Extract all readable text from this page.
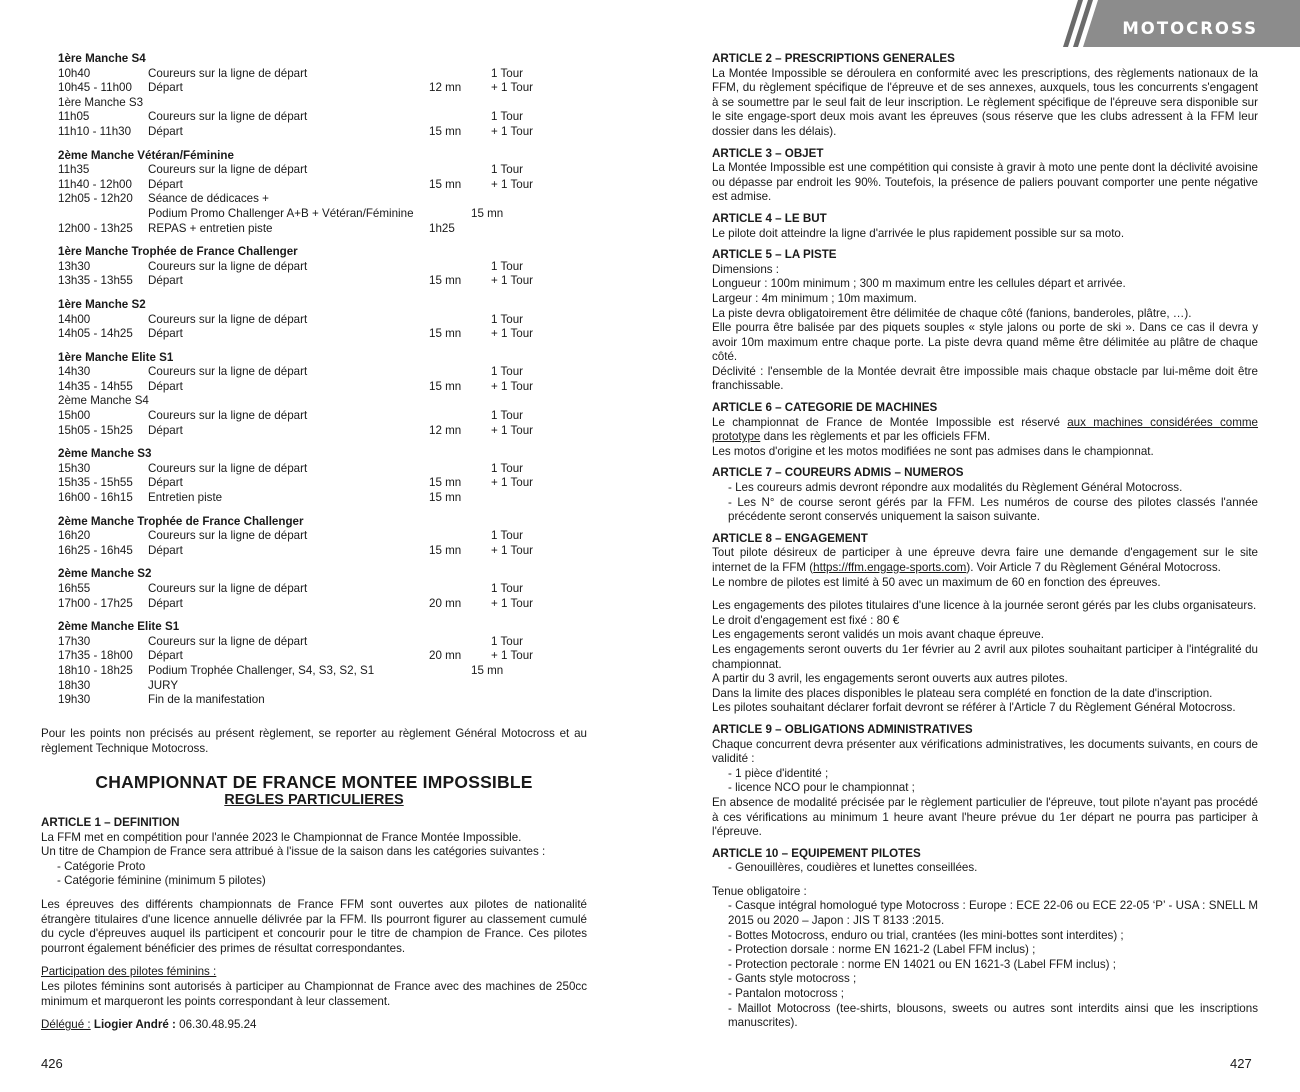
1ère Manche S4
10h40	Coureurs sur la ligne de départ	1 Tour
10h45 - 11h00 Départ	12 mn	+ 1 Tour
1ère Manche S3
11h05	Coureurs sur la ligne de départ	1 Tour
11h10 - 11h30 Départ	15 mn	+ 1 Tour
2ème Manche Vétéran/Féminine
11h35	Coureurs sur la ligne de départ	1 Tour
11h40 - 12h00 Départ	15 mn	+ 1 Tour
12h05 - 12h20 Séance de dédicaces +
Podium Promo Challenger A+B + Vétéran/Féminine	15 mn
12h00 - 13h25 REPAS + entretien piste	1h25
1ère Manche Trophée de France Challenger
13h30	Coureurs sur la ligne de départ	1 Tour
13h35 - 13h55 Départ	15 mn	+ 1 Tour
1ère Manche S2
14h00	Coureurs sur la ligne de départ	1 Tour
14h05 - 14h25 Départ	15 mn	+ 1 Tour
1ère Manche Elite S1
14h30	Coureurs sur la ligne de départ	1 Tour
14h35 - 14h55 Départ	15 mn	+ 1 Tour
2ème Manche S4
15h00	Coureurs sur la ligne de départ	1 Tour
15h05 - 15h25 Départ	12 mn	+ 1 Tour
2ème Manche S3
15h30	Coureurs sur la ligne de départ	1 Tour
15h35 - 15h55 Départ	15 mn	+ 1 Tour
16h00 - 16h15 Entretien piste	15 mn
2ème Manche Trophée de France Challenger
16h20	Coureurs sur la ligne de départ	1 Tour
16h25 - 16h45 Départ	15 mn	+ 1 Tour
2ème Manche S2
16h55	Coureurs sur la ligne de départ	1 Tour
17h00 - 17h25 Départ	20 mn	+ 1 Tour
2ème Manche Elite S1
17h30	Coureurs sur la ligne de départ	1 Tour
17h35 - 18h00 Départ	20 mn	+ 1 Tour
18h10 - 18h25 Podium Trophée Challenger, S4, S3, S2, S1	15 mn
18h30	JURY
19h30	Fin de la manifestation
Pour les points non précisés au présent règlement, se reporter au règlement Général Motocross et au règlement Technique Motocross.
CHAMPIONNAT DE FRANCE MONTEE IMPOSSIBLE
REGLES PARTICULIERES
ARTICLE 1 – DEFINITION
La FFM met en compétition pour l'année 2023 le Championnat de France Montée Impossible.
Un titre de Champion de France sera attribué à l'issue de la saison dans les catégories suivantes :
- Catégorie Proto
- Catégorie féminine (minimum 5 pilotes)
Les épreuves des différents championnats de France FFM sont ouvertes aux pilotes de nationalité étrangère titulaires d'une licence annuelle délivrée par la FFM. Ils pourront figurer au classement cumulé du cycle d'épreuves auquel ils participent et concourir pour le titre de champion de France. Ces pilotes pourront également bénéficier des primes de résultat correspondantes.
Participation des pilotes féminins :
Les pilotes féminins sont autorisés à participer au Championnat de France avec des machines de 250cc minimum et marqueront les points correspondant à leur classement.
Délégué : Liogier André : 06.30.48.95.24
426
MOTOCROSS
ARTICLE 2 – PRESCRIPTIONS GENERALES
La Montée Impossible se déroulera en conformité avec les prescriptions, des règlements nationaux de la FFM, du règlement spécifique de l'épreuve et de ses annexes, auxquels, tous les concurrents s'engagent à se soumettre par le seul fait de leur inscription. Le règlement spécifique de l'épreuve sera disponible sur le site engage-sport deux mois avant les épreuves (sous réserve que les clubs adressent à la FFM leur dossier dans les délais).
ARTICLE 3 – OBJET
La Montée Impossible est une compétition qui consiste à gravir à moto une pente dont la déclivité avoisine ou dépasse par endroit les 90%. Toutefois, la présence de paliers pouvant comporter une pente négative est admise.
ARTICLE 4 – LE BUT
Le pilote doit atteindre la ligne d'arrivée le plus rapidement possible sur sa moto.
ARTICLE 5 – LA PISTE
Dimensions :
Longueur : 100m minimum ; 300 m maximum entre les cellules départ et arrivée.
Largeur : 4m minimum ; 10m maximum.
La piste devra obligatoirement être délimitée de chaque côté (fanions, banderoles, plâtre, …).
Elle pourra être balisée par des piquets souples « style jalons ou porte de ski ». Dans ce cas il devra y avoir 10m maximum entre chaque porte. La piste devra quand même être délimitée au plâtre de chaque côté.
Déclivité : l'ensemble de la Montée devrait être impossible mais chaque obstacle par lui-même doit être franchissable.
ARTICLE 6 – CATEGORIE DE MACHINES
Le championnat de France de Montée Impossible est réservé aux machines considérées comme prototype dans les règlements et par les officiels FFM.
Les motos d'origine et les motos modifiées ne sont pas admises dans le championnat.
ARTICLE 7 – COUREURS ADMIS – NUMEROS
- Les coureurs admis devront répondre aux modalités du Règlement Général Motocross.
- Les N° de course seront gérés par la FFM. Les numéros de course des pilotes classés l'année précédente seront conservés uniquement la saison suivante.
ARTICLE 8 – ENGAGEMENT
Tout pilote désireux de participer à une épreuve devra faire une demande d'engagement sur le site internet de la FFM (https://ffm.engage-sports.com). Voir Article 7 du Règlement Général Motocross.
Le nombre de pilotes est limité à 50 avec un maximum de 60 en fonction des épreuves.
Les engagements des pilotes titulaires d'une licence à la journée seront gérés par les clubs organisateurs.
Le droit d'engagement est fixé : 80 €
Les engagements seront validés un mois avant chaque épreuve.
Les engagements seront ouverts du 1er février au 2 avril aux pilotes souhaitant participer à l'intégralité du championnat.
A partir du 3 avril, les engagements seront ouverts aux autres pilotes.
Dans la limite des places disponibles le plateau sera complété en fonction de la date d'inscription.
Les pilotes souhaitant déclarer forfait devront se référer à l'Article 7 du Règlement Général Motocross.
ARTICLE 9 – OBLIGATIONS ADMINISTRATIVES
Chaque concurrent devra présenter aux vérifications administratives, les documents suivants, en cours de validité :
- 1 pièce d'identité ;
- licence NCO pour le championnat ;
En absence de modalité précisée par le règlement particulier de l'épreuve, tout pilote n'ayant pas procédé à ces vérifications au minimum 1 heure avant l'heure prévue du 1er départ ne pourra pas participer à l'épreuve.
ARTICLE 10 – EQUIPEMENT PILOTES
- Genouillères, coudières et lunettes conseillées.
Tenue obligatoire :
- Casque intégral homologué type Motocross : Europe : ECE 22-06 ou ECE 22-05 ‘P’ - USA : SNELL M 2015 ou 2020 – Japon : JIS T 8133 :2015.
- Bottes Motocross, enduro ou trial, crantées (les mini-bottes sont interdites) ;
- Protection dorsale : norme EN 1621-2 (Label FFM inclus) ;
- Protection pectorale : norme EN 14021 ou EN 1621-3 (Label FFM inclus) ;
- Gants style motocross ;
- Pantalon motocross ;
- Maillot Motocross (tee-shirts, blousons, sweets ou autres sont interdits ainsi que les inscriptions manuscrites).
427
